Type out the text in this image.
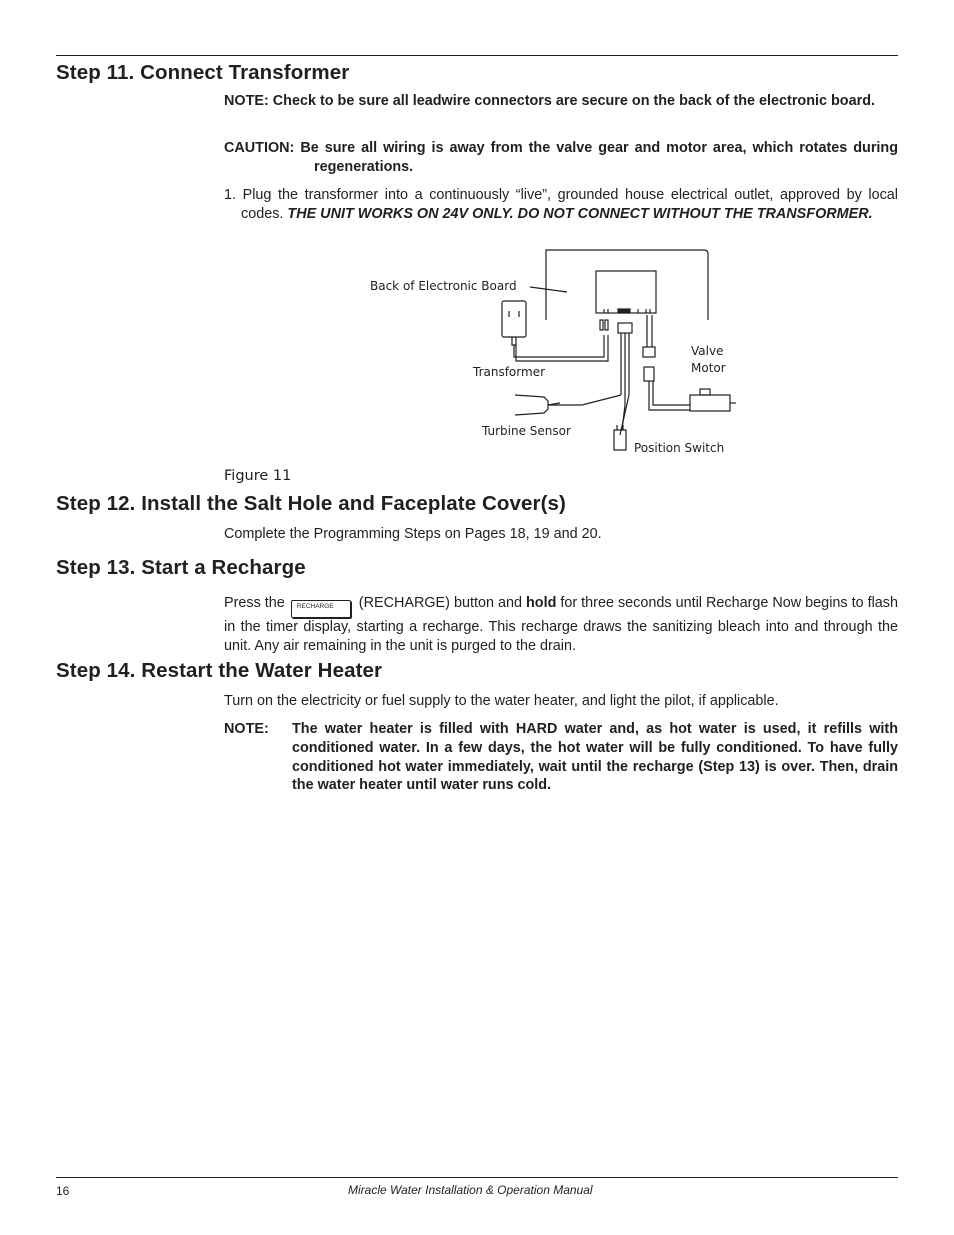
Step 11. Connect Transformer
NOTE: Check to be sure all leadwire connectors are secure on the back of the electronic board.
CAUTION: Be sure all wiring is away from the valve gear and motor area, which rotates during regenerations.
1. Plug the transformer into a continuously “live”, grounded house electrical outlet, approved by local codes. THE UNIT WORKS ON 24V ONLY. DO NOT CONNECT WITHOUT THE TRANSFORMER.
Back of Electronic Board
Transformer
Turbine Sensor
Valve
Motor
Position Switch
Figure 11
Step 12. Install the Salt Hole and Faceplate Cover(s)
Complete the Programming Steps on Pages 18, 19 and 20.
Step 13. Start a Recharge
Press the RECHARGE (RECHARGE) button and hold for three seconds until Recharge Now begins to flash in the timer display, starting a recharge. This recharge draws the sanitizing bleach into and through the unit. Any air remaining in the unit is purged to the drain.
Step 14. Restart the Water Heater
Turn on the electricity or fuel supply to the water heater, and light the pilot, if applicable.
NOTE:	The water heater is filled with HARD water and, as hot water is used, it refills with conditioned water. In a few days, the hot water will be fully conditioned. To have fully conditioned hot water immediately, wait until the recharge (Step 13) is over. Then, drain the water heater until water runs cold.
16	Miracle Water Installation & Operation Manual
